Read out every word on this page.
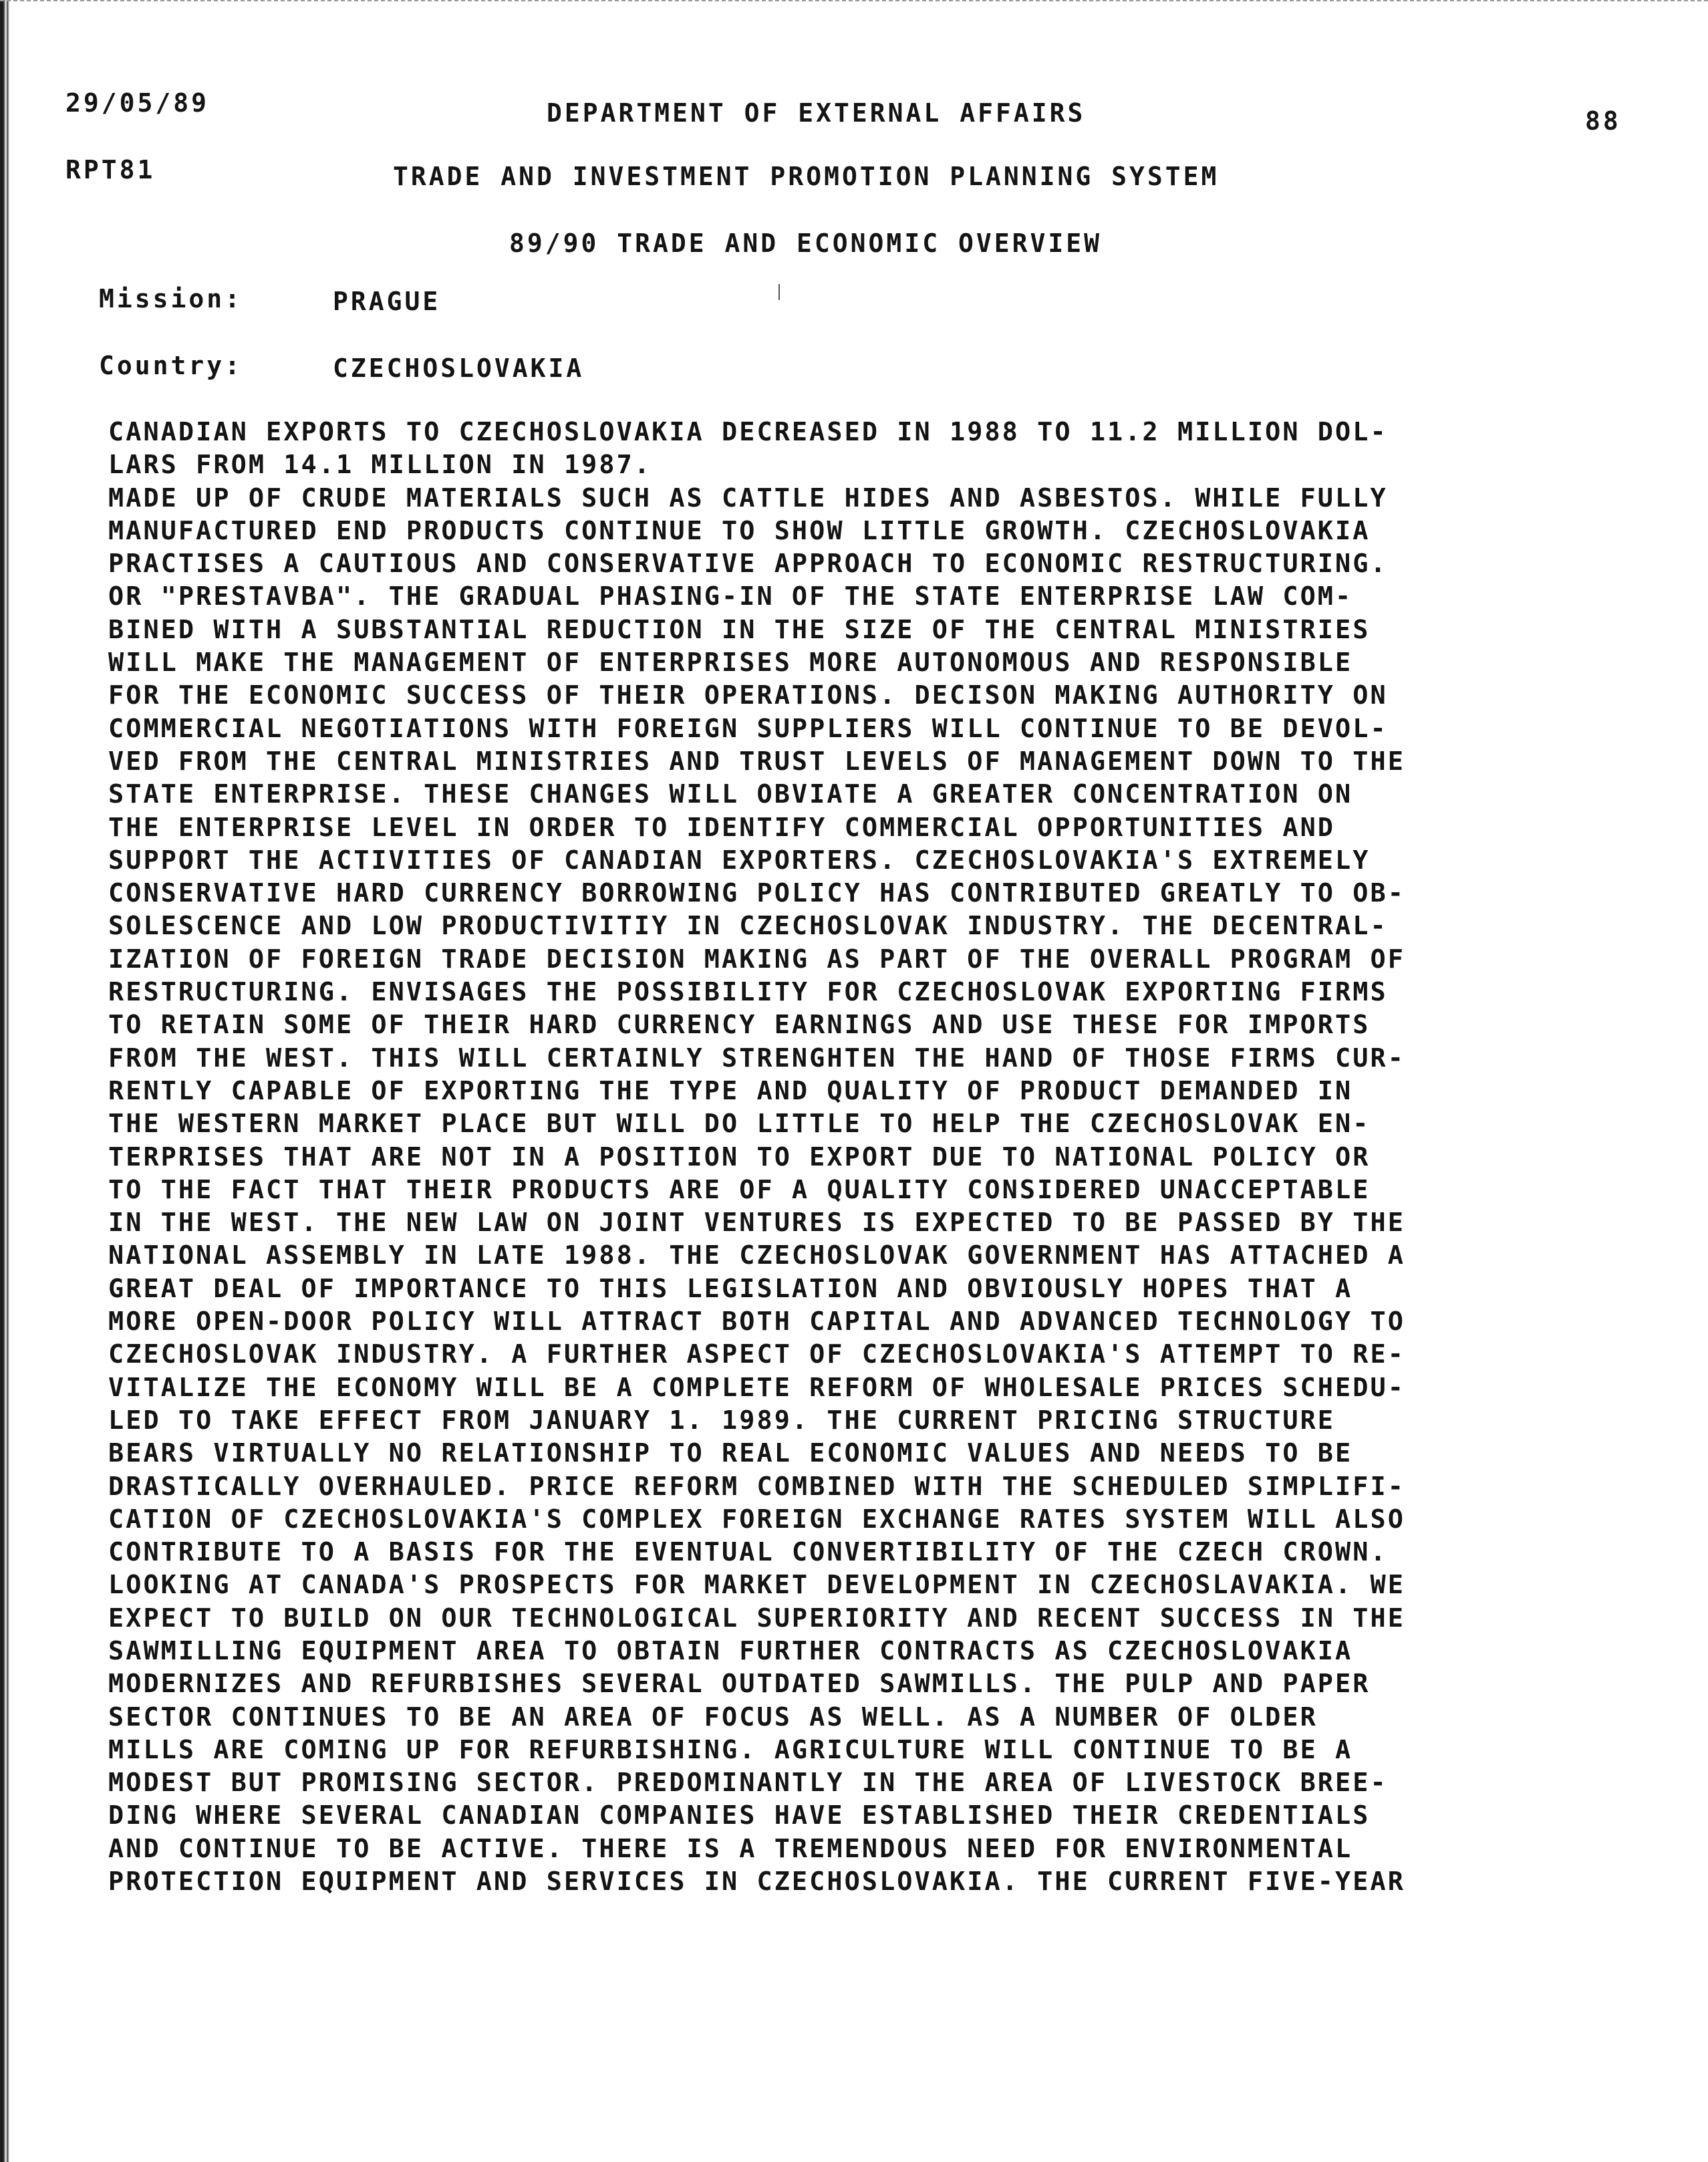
29/05/89	DEPARTMENT OF EXTERNAL AFFAIRS	88
RPT81	TRADE AND INVESTMENT PROMOTION PLANNING SYSTEM
89/90 TRADE AND ECONOMIC OVERVIEW
Mission:	PRAGUE
Country:	CZECHOSLOVAKIA
CANADIAN EXPORTS TO CZECHOSLOVAKIA DECREASED IN 1988 TO 11.2 MILLION DOL-
LARS FROM 14.1 MILLION IN 1987.
MADE UP OF CRUDE MATERIALS SUCH AS CATTLE HIDES AND ASBESTOS. WHILE FULLY
MANUFACTURED END PRODUCTS CONTINUE TO SHOW LITTLE GROWTH. CZECHOSLOVAKIA
PRACTISES A CAUTIOUS AND CONSERVATIVE APPROACH TO ECONOMIC RESTRUCTURING.
OR "PRESTAVBA". THE GRADUAL PHASING-IN OF THE STATE ENTERPRISE LAW COM-
BINED WITH A SUBSTANTIAL REDUCTION IN THE SIZE OF THE CENTRAL MINISTRIES
WILL MAKE THE MANAGEMENT OF ENTERPRISES MORE AUTONOMOUS AND RESPONSIBLE
FOR THE ECONOMIC SUCCESS OF THEIR OPERATIONS. DECISON MAKING AUTHORITY ON
COMMERCIAL NEGOTIATIONS WITH FOREIGN SUPPLIERS WILL CONTINUE TO BE DEVOL-
VED FROM THE CENTRAL MINISTRIES AND TRUST LEVELS OF MANAGEMENT DOWN TO THE
STATE ENTERPRISE. THESE CHANGES WILL OBVIATE A GREATER CONCENTRATION ON
THE ENTERPRISE LEVEL IN ORDER TO IDENTIFY COMMERCIAL OPPORTUNITIES AND
SUPPORT THE ACTIVITIES OF CANADIAN EXPORTERS. CZECHOSLOVAKIA'S EXTREMELY
CONSERVATIVE HARD CURRENCY BORROWING POLICY HAS CONTRIBUTED GREATLY TO OB-
SOLESCENCE AND LOW PRODUCTIVITIY IN CZECHOSLOVAK INDUSTRY. THE DECENTRAL-
IZATION OF FOREIGN TRADE DECISION MAKING AS PART OF THE OVERALL PROGRAM OF
RESTRUCTURING. ENVISAGES THE POSSIBILITY FOR CZECHOSLOVAK EXPORTING FIRMS
TO RETAIN SOME OF THEIR HARD CURRENCY EARNINGS AND USE THESE FOR IMPORTS
FROM THE WEST. THIS WILL CERTAINLY STRENGHTEN THE HAND OF THOSE FIRMS CUR-
RENTLY CAPABLE OF EXPORTING THE TYPE AND QUALITY OF PRODUCT DEMANDED IN
THE WESTERN MARKET PLACE BUT WILL DO LITTLE TO HELP THE CZECHOSLOVAK EN-
TERPRISES THAT ARE NOT IN A POSITION TO EXPORT DUE TO NATIONAL POLICY OR
TO THE FACT THAT THEIR PRODUCTS ARE OF A QUALITY CONSIDERED UNACCEPTABLE
IN THE WEST. THE NEW LAW ON JOINT VENTURES IS EXPECTED TO BE PASSED BY THE
NATIONAL ASSEMBLY IN LATE 1988. THE CZECHOSLOVAK GOVERNMENT HAS ATTACHED A
GREAT DEAL OF IMPORTANCE TO THIS LEGISLATION AND OBVIOUSLY HOPES THAT A
MORE OPEN-DOOR POLICY WILL ATTRACT BOTH CAPITAL AND ADVANCED TECHNOLOGY TO
CZECHOSLOVAK INDUSTRY. A FURTHER ASPECT OF CZECHOSLOVAKIA'S ATTEMPT TO RE-
VITALIZE THE ECONOMY WILL BE A COMPLETE REFORM OF WHOLESALE PRICES SCHEDU-
LED TO TAKE EFFECT FROM JANUARY 1. 1989. THE CURRENT PRICING STRUCTURE
BEARS VIRTUALLY NO RELATIONSHIP TO REAL ECONOMIC VALUES AND NEEDS TO BE
DRASTICALLY OVERHAULED. PRICE REFORM COMBINED WITH THE SCHEDULED SIMPLIFI-
CATION OF CZECHOSLOVAKIA'S COMPLEX FOREIGN EXCHANGE RATES SYSTEM WILL ALSO
CONTRIBUTE TO A BASIS FOR THE EVENTUAL CONVERTIBILITY OF THE CZECH CROWN.
LOOKING AT CANADA'S PROSPECTS FOR MARKET DEVELOPMENT IN CZECHOSLAVAKIA. WE
EXPECT TO BUILD ON OUR TECHNOLOGICAL SUPERIORITY AND RECENT SUCCESS IN THE
SAWMILLING EQUIPMENT AREA TO OBTAIN FURTHER CONTRACTS AS CZECHOSLOVAKIA
MODERNIZES AND REFURBISHES SEVERAL OUTDATED SAWMILLS. THE PULP AND PAPER
SECTOR CONTINUES TO BE AN AREA OF FOCUS AS WELL. AS A NUMBER OF OLDER
MILLS ARE COMING UP FOR REFURBISHING. AGRICULTURE WILL CONTINUE TO BE A
MODEST BUT PROMISING SECTOR. PREDOMINANTLY IN THE AREA OF LIVESTOCK BREE-
DING WHERE SEVERAL CANADIAN COMPANIES HAVE ESTABLISHED THEIR CREDENTIALS
AND CONTINUE TO BE ACTIVE. THERE IS A TREMENDOUS NEED FOR ENVIRONMENTAL
PROTECTION EQUIPMENT AND SERVICES IN CZECHOSLOVAKIA. THE CURRENT FIVE-YEAR
